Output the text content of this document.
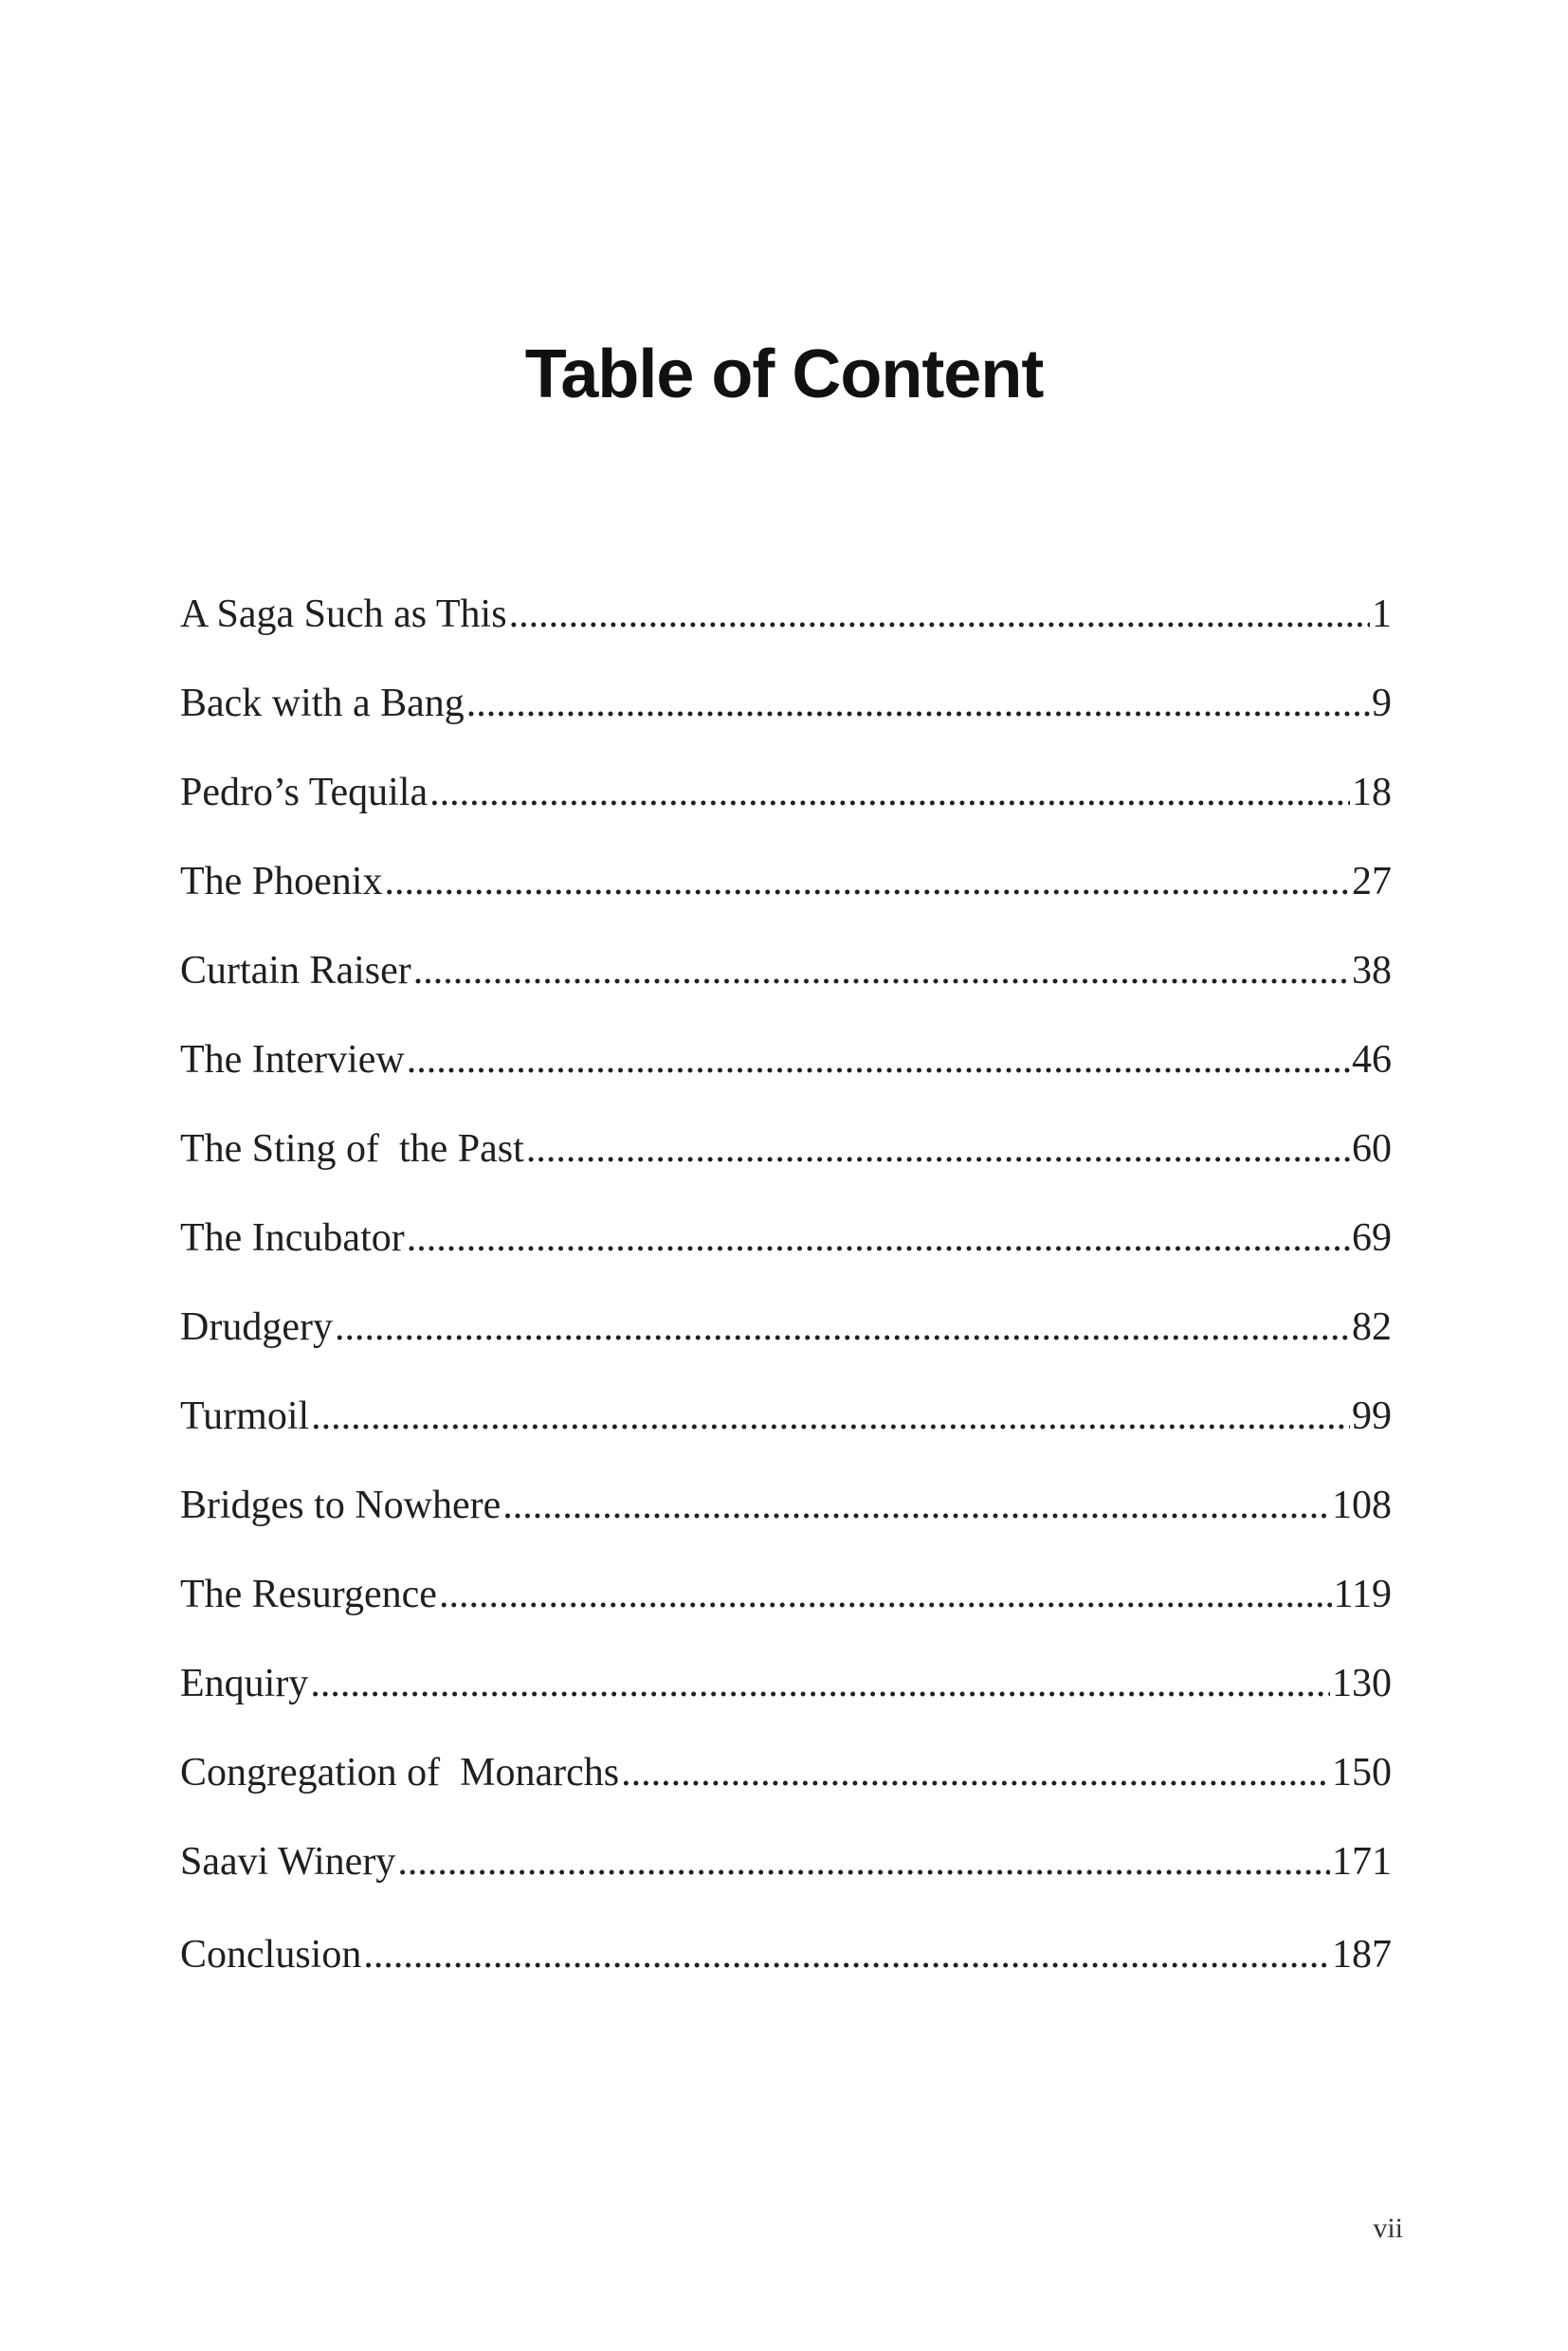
Table of Content
A Saga Such as This .....	1
Back with a Bang .....	9
Pedro’s Tequila .....	18
The Phoenix .....	27
Curtain Raiser .....	38
The Interview .....	46
The Sting of  the Past .....	60
The Incubator .....	69
Drudgery .....	82
Turmoil .....	99
Bridges to Nowhere .....	108
The Resurgence .....	119
Enquiry .....	130
Congregation of  Monarchs .....	150
Saavi Winery .....	171
Conclusion .....	187
vii
